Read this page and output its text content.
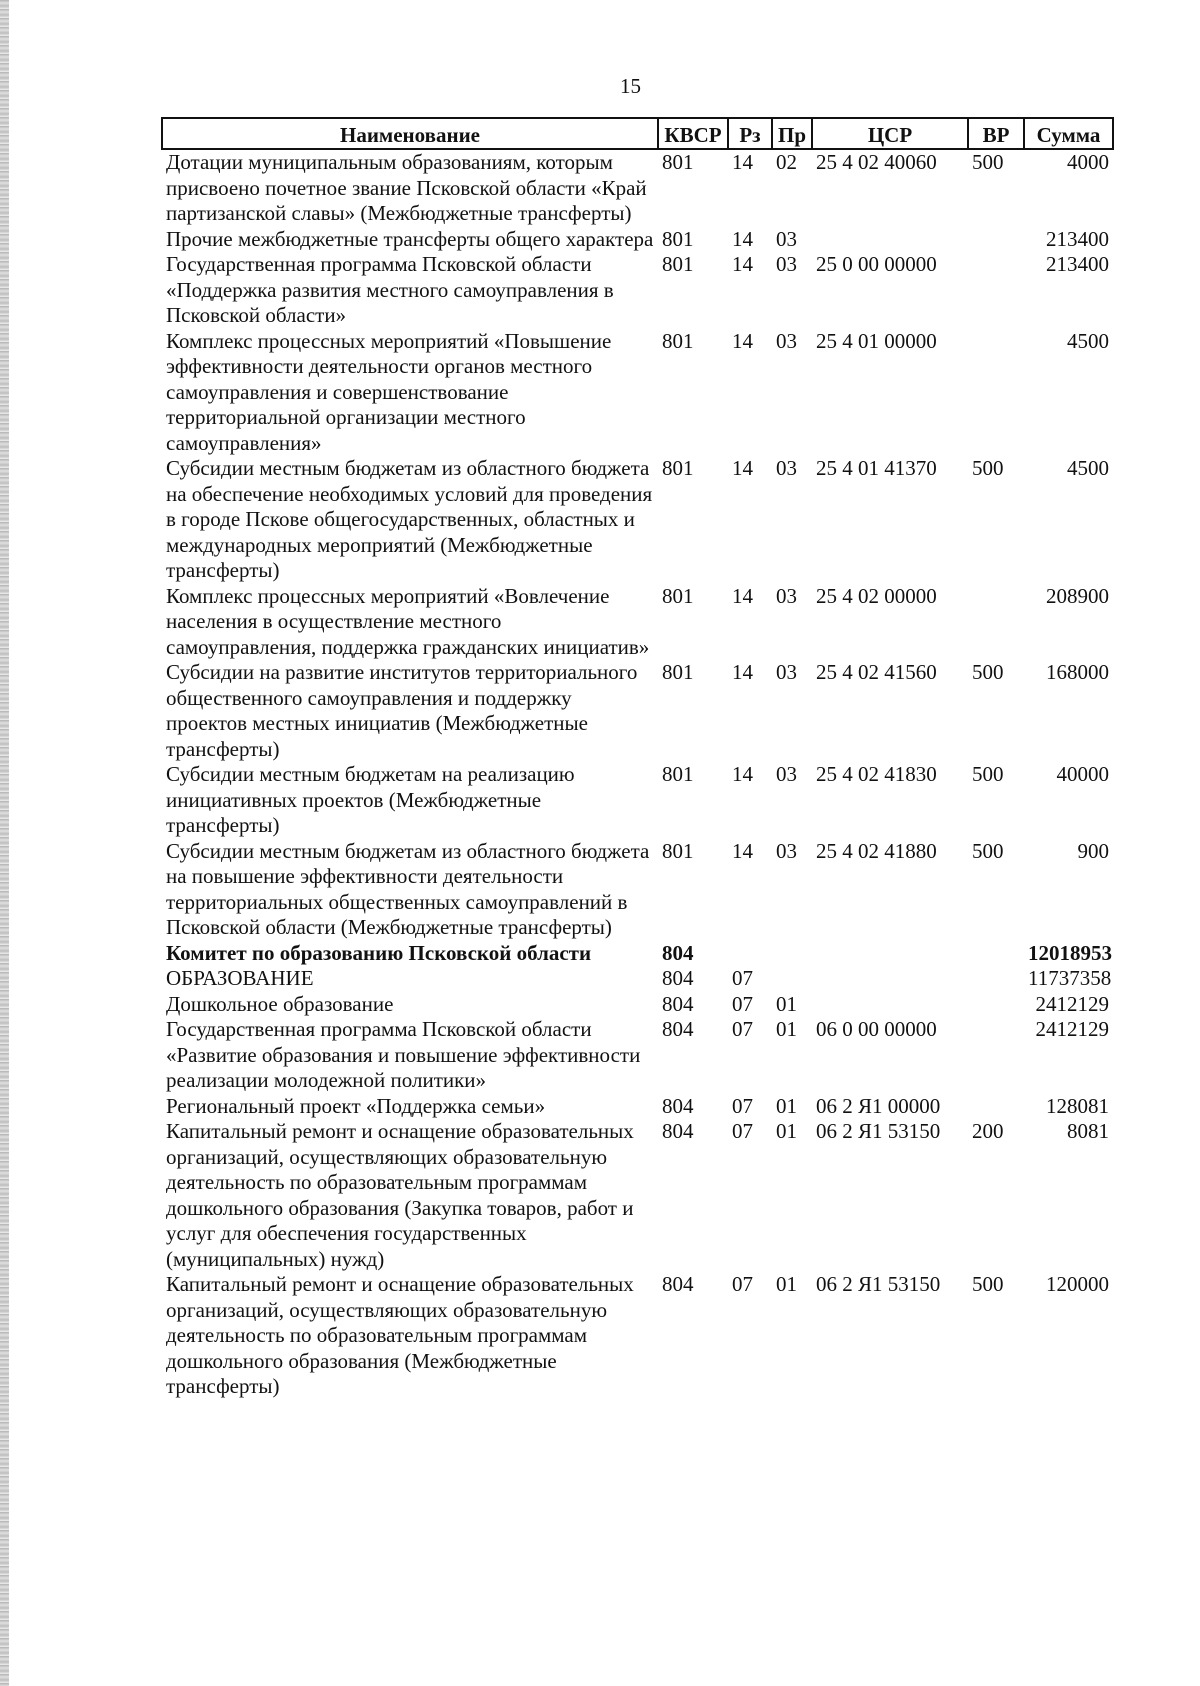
15
Наименование	КВСР	Рз	Пр	ЦСР	ВР	Сумма
Дотации муниципальным образованиям, которым присвоено почетное звание Псковской области «Край партизанской славы» (Межбюджетные трансферты)	801	14	02	25 4 02 40060	500	4000
Прочие межбюджетные трансферты общего характера	801	14	03			213400
Государственная программа Псковской области «Поддержка развития местного самоуправления в Псковской области»	801	14	03	25 0 00 00000		213400
Комплекс процессных мероприятий «Повышение эффективности деятельности органов местного самоуправления и совершенствование территориальной организации местного самоуправления»	801	14	03	25 4 01 00000		4500
Субсидии местным бюджетам из областного бюджета на обеспечение необходимых условий для проведения в городе Пскове общегосударственных, областных и международных мероприятий (Межбюджетные трансферты)	801	14	03	25 4 01 41370	500	4500
Комплекс процессных мероприятий «Вовлечение населения в осуществление местного самоуправления, поддержка гражданских инициатив»	801	14	03	25 4 02 00000		208900
Субсидии на развитие институтов территориального общественного самоуправления и поддержку проектов местных инициатив (Межбюджетные трансферты)	801	14	03	25 4 02 41560	500	168000
Субсидии местным бюджетам на реализацию инициативных проектов (Межбюджетные трансферты)	801	14	03	25 4 02 41830	500	40000
Субсидии местным бюджетам из областного бюджета на повышение эффективности деятельности территориальных общественных самоуправлений в Псковской области (Межбюджетные трансферты)	801	14	03	25 4 02 41880	500	900
Комитет по образованию Псковской области	804					12018953
ОБРАЗОВАНИЕ	804	07				11737358
Дошкольное образование	804	07	01			2412129
Государственная программа Псковской области «Развитие образования и повышение эффективности реализации молодежной политики»	804	07	01	06 0 00 00000		2412129
Региональный проект «Поддержка семьи»	804	07	01	06 2 Я1 00000		128081
Капитальный ремонт и оснащение образовательных организаций, осуществляющих образовательную деятельность по образовательным программам дошкольного образования (Закупка товаров, работ и услуг для обеспечения государственных (муниципальных) нужд)	804	07	01	06 2 Я1 53150	200	8081
Капитальный ремонт и оснащение образовательных организаций, осуществляющих образовательную деятельность по образовательным программам дошкольного образования (Межбюджетные трансферты)	804	07	01	06 2 Я1 53150	500	120000
